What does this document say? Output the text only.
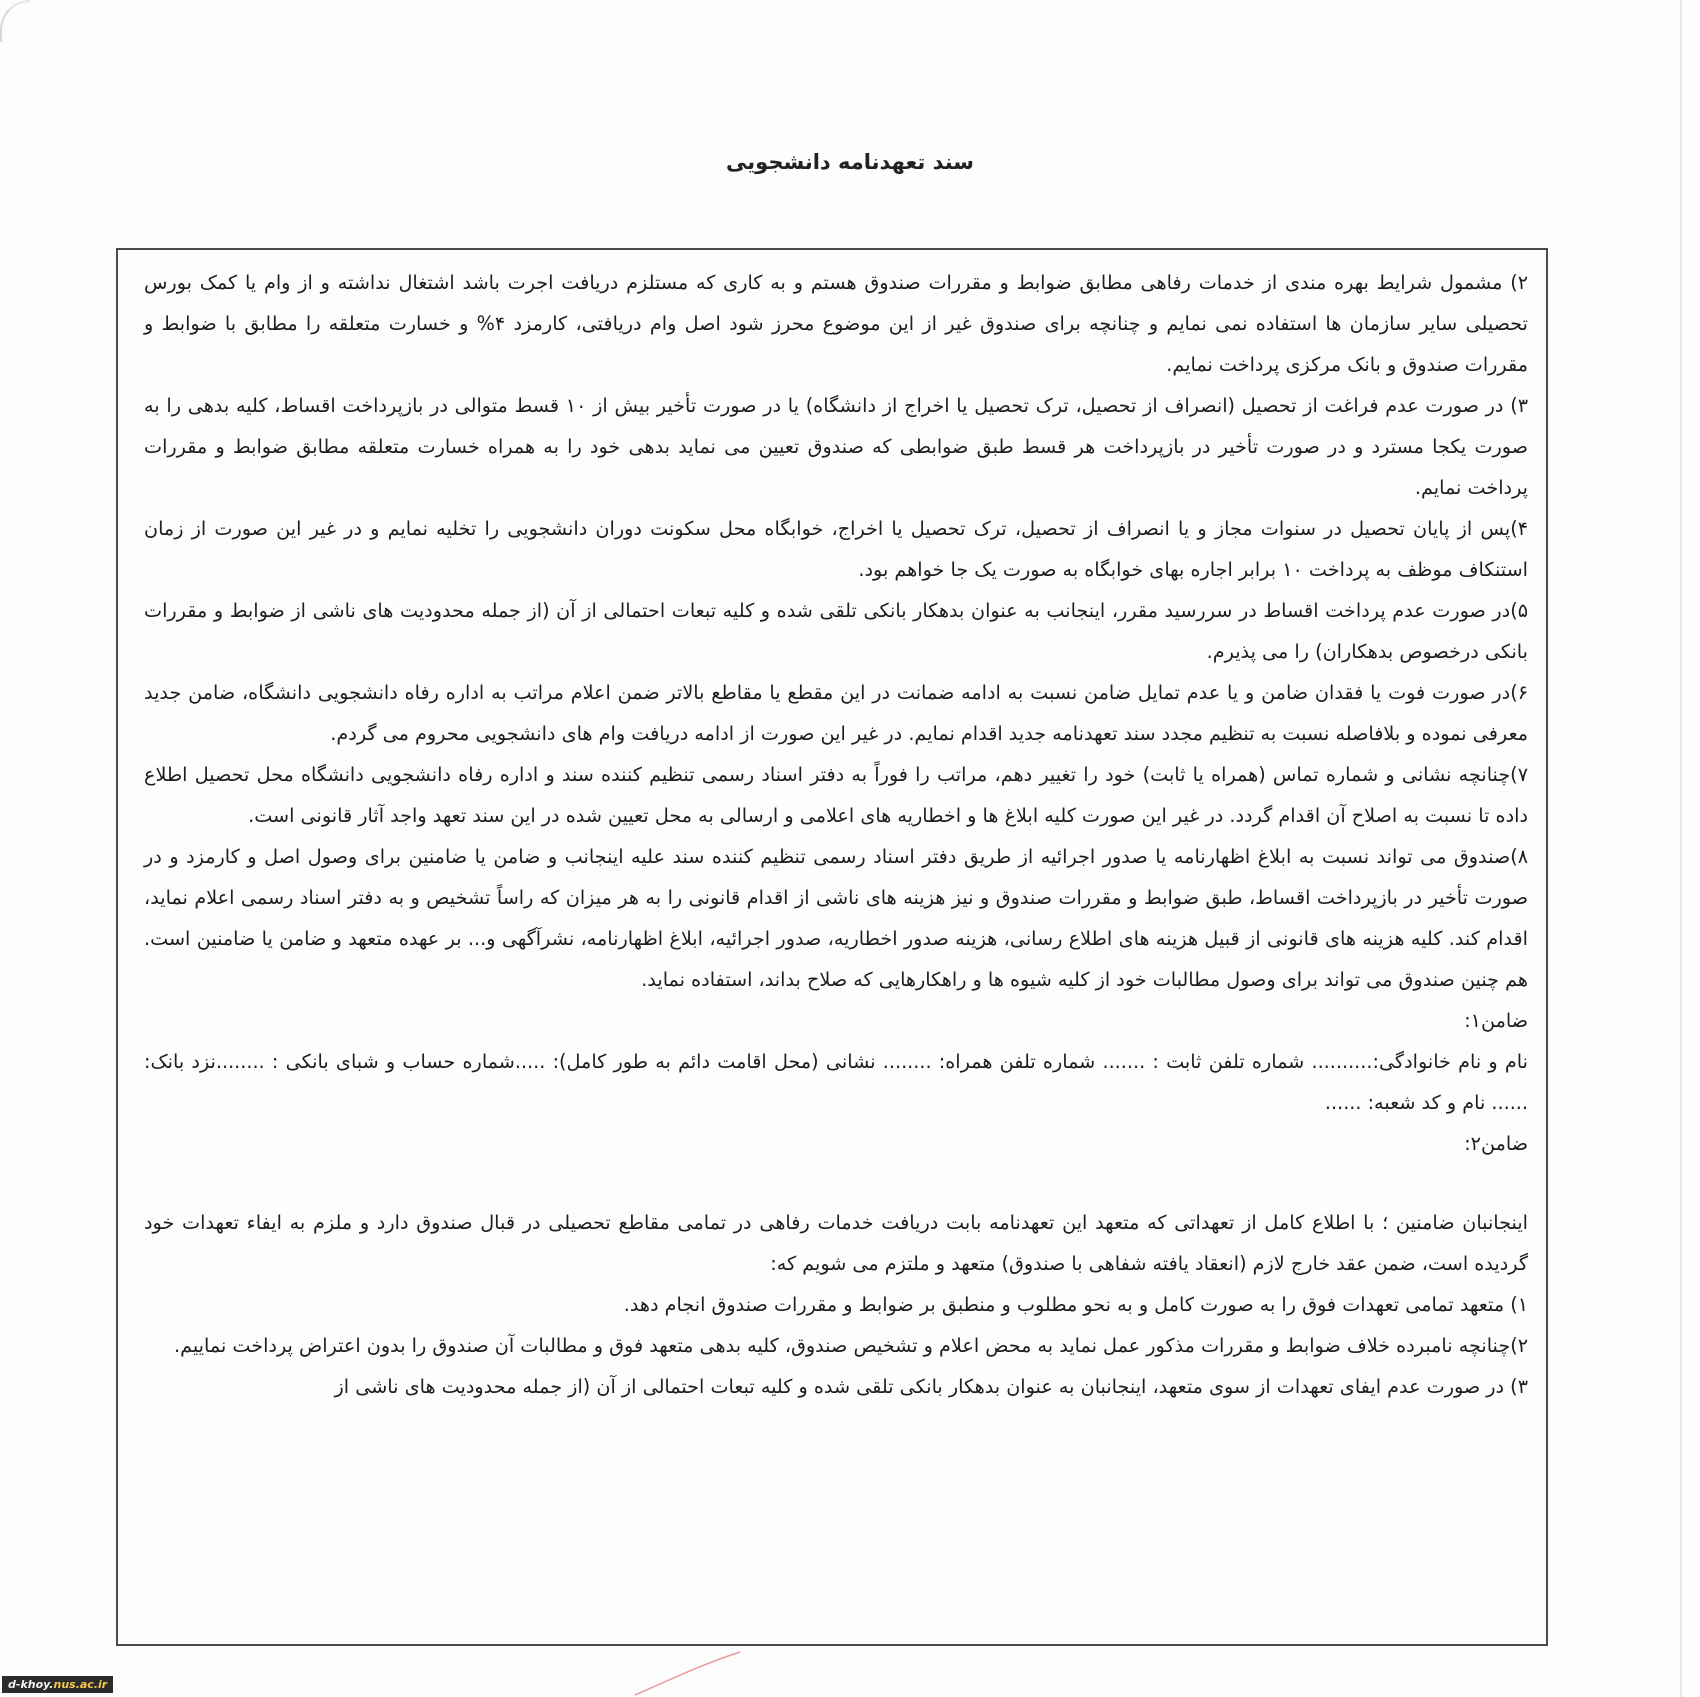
سند تعهدنامه دانشجویی

۲) مشمول شرایط بهره مندی از خدمات رفاهی مطابق ضوابط و مقررات صندوق هستم و به کاری که مستلزم دریافت اجرت باشد اشتغال نداشته و از وام یا کمک بورس تحصیلی سایر سازمان ها استفاده نمی نمایم و چنانچه برای صندوق غیر از این موضوع محرز شود اصل وام دریافتی، کارمزد ۴% و خسارت متعلقه را مطابق با ضوابط و مقررات صندوق و بانک مرکزی پرداخت نمایم.

۳) در صورت عدم فراغت از تحصیل (انصراف از تحصیل، ترک تحصیل یا اخراج از دانشگاه) یا در صورت تأخیر بیش از ۱۰ قسط متوالی در بازپرداخت اقساط، کلیه بدهی را به صورت یکجا مسترد و در صورت تأخیر در بازپرداخت هر قسط طبق ضوابطی که صندوق تعیین می نماید بدهی خود را به همراه خسارت متعلقه مطابق ضوابط و مقررات پرداخت نمایم.

۴)پس از پایان تحصیل در سنوات مجاز و یا انصراف از تحصیل، ترک تحصیل یا اخراج، خوابگاه محل سکونت دوران دانشجویی را تخلیه نمایم و در غیر این صورت از زمان استنکاف موظف به پرداخت ۱۰ برابر اجاره بهای خوابگاه به صورت یک جا خواهم بود.

۵)در صورت عدم پرداخت اقساط در سررسید مقرر، اینجانب به عنوان بدهکار بانکی تلقی شده و کلیه تبعات احتمالی از آن (از جمله محدودیت های ناشی از ضوابط و مقررات بانکی درخصوص بدهکاران) را می پذیرم.

۶)در صورت فوت یا فقدان ضامن و یا عدم تمایل ضامن نسبت به ادامه ضمانت در این مقطع یا مقاطع بالاتر ضمن اعلام مراتب به اداره رفاه دانشجویی دانشگاه، ضامن جدید معرفی نموده و بلافاصله نسبت به تنظیم مجدد سند تعهدنامه جدید اقدام نمایم. در غیر این صورت از ادامه دریافت وام های دانشجویی محروم می گردم.

۷)چنانچه نشانی و شماره تماس (همراه یا ثابت) خود را تغییر دهم، مراتب را فوراً به دفتر اسناد رسمی تنظیم کننده سند و اداره رفاه دانشجویی دانشگاه محل تحصیل اطلاع داده تا نسبت به اصلاح آن اقدام گردد. در غیر این صورت کلیه ابلاغ ها و اخطاریه های اعلامی و ارسالی به محل تعیین شده در این سند تعهد واجد آثار قانونی است.

۸)صندوق می تواند نسبت به ابلاغ اظهارنامه یا صدور اجرائیه از طریق دفتر اسناد رسمی تنظیم کننده سند علیه اینجانب و ضامن یا ضامنین برای وصول اصل و کارمزد و در صورت تأخیر در بازپرداخت اقساط، طبق ضوابط و مقررات صندوق و نیز هزینه های ناشی از اقدام قانونی را به هر میزان که راساً تشخیص و به دفتر اسناد رسمی اعلام نماید، اقدام کند. کلیه هزینه های قانونی از قبیل هزینه های اطلاع رسانی، هزینه صدور اخطاریه، صدور اجرائیه، ابلاغ اظهارنامه، نشرآگهی و... بر عهده متعهد و ضامن یا ضامنین است. هم چنین صندوق می تواند برای وصول مطالبات خود از کلیه شیوه ها و راهکارهایی که صلاح بداند، استفاده نماید.

ضامن۱:

نام و نام خانوادگی:.......... شماره تلفن ثابت : ....... شماره تلفن همراه: ........ نشانی (محل اقامت دائم به طور کامل): .....شماره حساب و شبای بانکی : ........نزد بانک: ...... نام و کد شعبه: ......

ضامن۲:

اینجانبان ضامنین ؛ با اطلاع کامل از تعهداتی که متعهد این تعهدنامه بابت دریافت خدمات رفاهی در تمامی مقاطع تحصیلی در قبال صندوق دارد و ملزم به ایفاء تعهدات خود گردیده است، ضمن عقد خارج لازم (انعقاد یافته شفاهی با صندوق) متعهد و ملتزم می شویم که:

۱) متعهد تمامی تعهدات فوق را به صورت کامل و به نحو مطلوب و منطبق بر ضوابط و مقررات صندوق انجام دهد.

۲)چنانچه نامبرده خلاف ضوابط و مقررات مذکور عمل نماید به محض اعلام و تشخیص صندوق، کلیه بدهی متعهد فوق و مطالبات آن صندوق را بدون اعتراض پرداخت نماییم.

۳) در صورت عدم ایفای تعهدات از سوی متعهد، اینجانبان به عنوان بدهکار بانکی تلقی شده و کلیه تبعات احتمالی از آن (از جمله محدودیت های ناشی از

d-khoy.nus.ac.ir
